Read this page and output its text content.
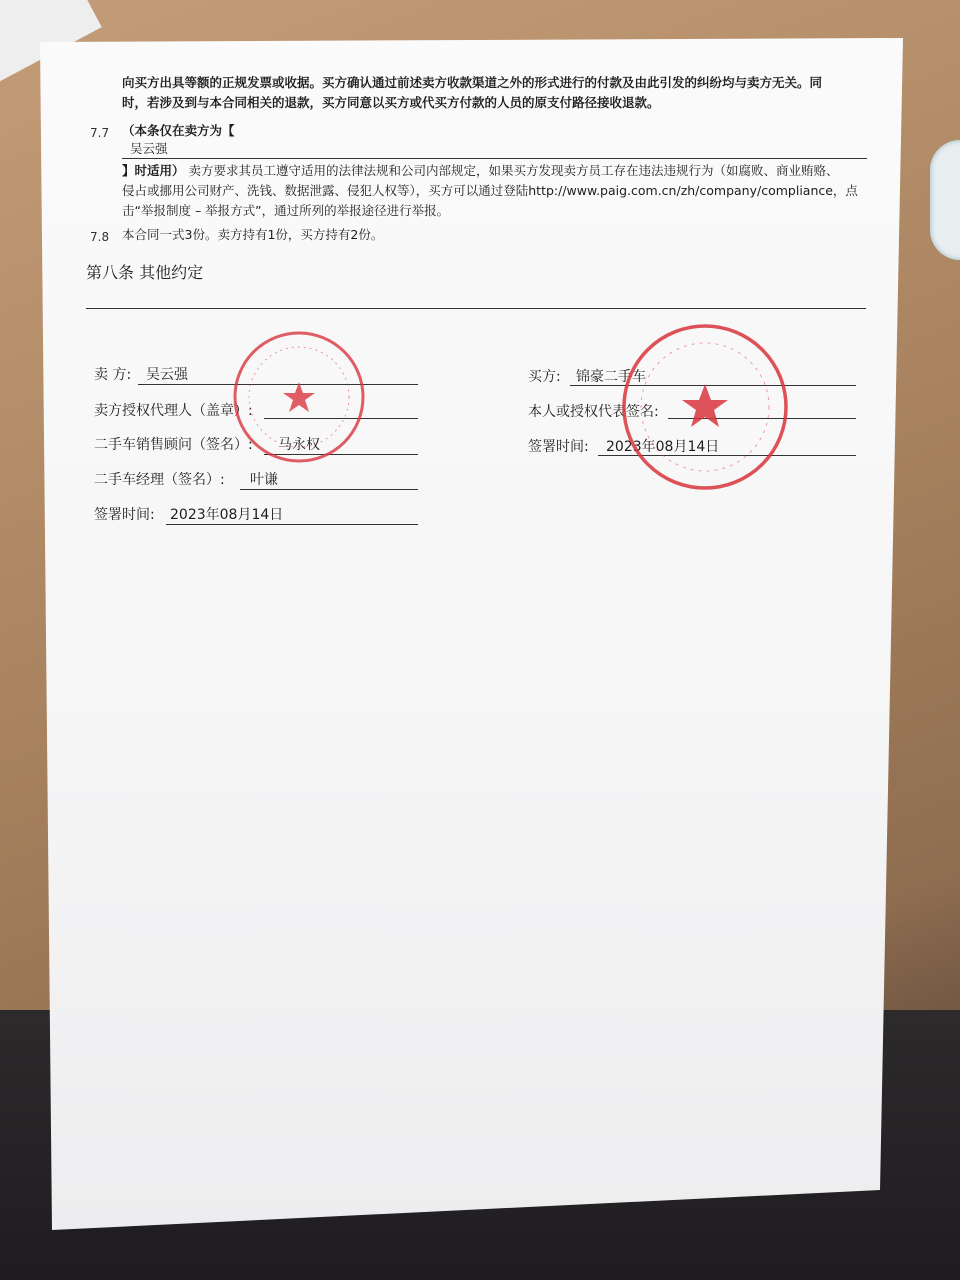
向买方出具等额的正规发票或收据。买方确认通过前述卖方收款渠道之外的形式进行的付款及由此引发的纠纷均与卖方无关。同

时，若涉及到与本合同相关的退款，买方同意以买方或代买方付款的人员的原支付路径接收退款。

7.7 （本条仅在卖方为【

吴云强

】时适用） 卖方要求其员工遵守适用的法律法规和公司内部规定，如果买方发现卖方员工存在违法违规行为（如腐败、商业贿赂、

侵占或挪用公司财产、洗钱、数据泄露、侵犯人权等），买方可以通过登陆http://www.paig.com.cn/zh/company/compliance，点

击“举报制度 – 举报方式”，通过所列的举报途径进行举报。

7.8 本合同一式3份。卖方持有1份，买方持有2份。

第八条 其他约定
卖 方: 吴云强
卖方授权代理人（盖章）:
二手车销售顾问（签名）: 马永权
二手车经理（签名）: 叶谦
签署时间: 2023年08月14日
买方: 锦豪二手车
本人或授权代表签名:
签署时间: 2023年08月14日
